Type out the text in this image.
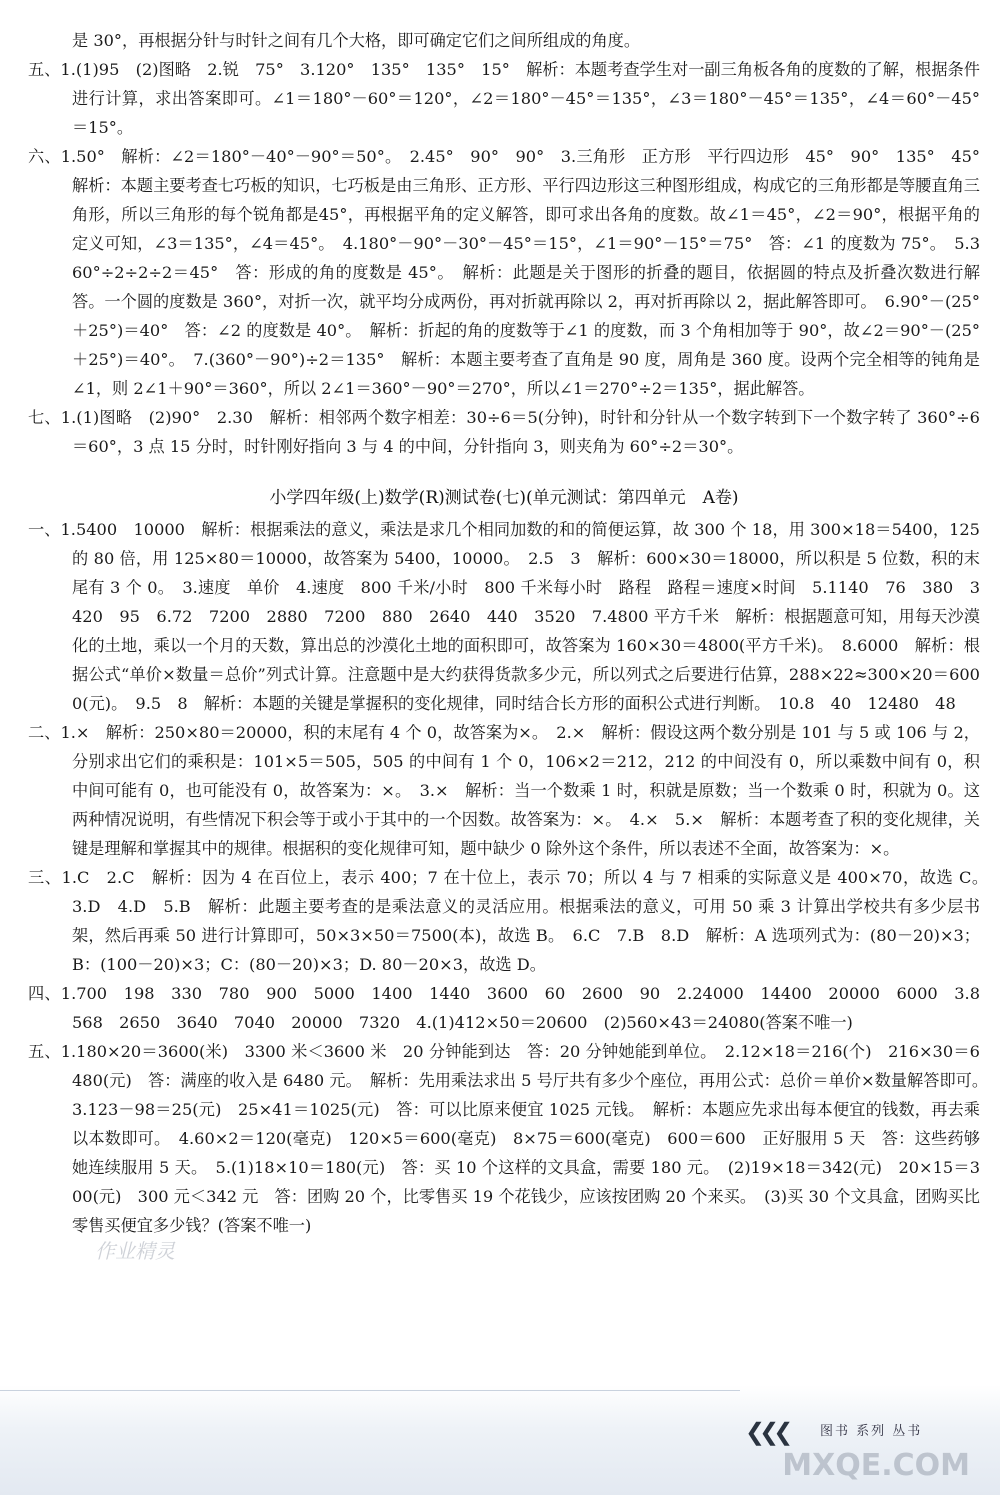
是 30°，再根据分针与时针之间有几个大格，即可确定它们之间所组成的角度。

五、1.(1)95　(2)图略　2.锐　75°　3.120°　135°　135°　15°　解析：本题考查学生对一副三角板各角的度数的了解，根据条件进行计算，求出答案即可。∠1＝180°－60°＝120°，∠2＝180°－45°＝135°，∠3＝180°－45°＝135°，∠4＝60°－45°＝15°。

六、1.50°　解析：∠2＝180°－40°－90°＝50°。　2.45°　90°　90°　3.三角形　正方形　平行四边形　45°　90°　135°　45°　解析：本题主要考查七巧板的知识，七巧板是由三角形、正方形、平行四边形这三种图形组成，构成它的三角形都是等腰直角三角形，所以三角形的每个锐角都是45°，再根据平角的定义解答，即可求出各角的度数。故∠1＝45°，∠2＝90°，根据平角的定义可知，∠3＝135°，∠4＝45°。　4.180°－90°－30°－45°＝15°，∠1＝90°－15°＝75°　答：∠1 的度数为 75°。　5.360°÷2÷2÷2＝45°　答：形成的角的度数是 45°。　解析：此题是关于图形的折叠的题目，依据圆的特点及折叠次数进行解答。一个圆的度数是 360°，对折一次，就平均分成两份，再对折就再除以 2，再对折再除以 2，据此解答即可。　6.90°－(25°＋25°)＝40°　答：∠2 的度数是 40°。　解析：折起的角的度数等于∠1 的度数，而 3 个角相加等于 90°，故∠2＝90°－(25°＋25°)＝40°。　7.(360°－90°)÷2＝135°　解析：本题主要考查了直角是 90 度，周角是 360 度。设两个完全相等的钝角是∠1，则 2∠1＋90°＝360°，所以 2∠1＝360°－90°＝270°，所以∠1＝270°÷2＝135°，据此解答。

七、1.(1)图略　(2)90°　2.30　解析：相邻两个数字相差：30÷6＝5(分钟)，时针和分针从一个数字转到下一个数字转了 360°÷6＝60°，3 点 15 分时，时针刚好指向 3 与 4 的中间，分针指向 3，则夹角为 60°÷2＝30°。

小学四年级(上)数学(R)测试卷(七)(单元测试：第四单元　A卷)

一、1.5400　10000　解析：根据乘法的意义，乘法是求几个相同加数的和的简便运算，故 300 个 18，用 300×18＝5400，125 的 80 倍，用 125×80＝10000，故答案为 5400，10000。　2.5　3　解析：600×30＝18000，所以积是 5 位数，积的末尾有 3 个 0。　3.速度　单价　4.速度　800 千米/小时　800 千米每小时　路程　路程＝速度×时间　5.1140　76　380　3420　95　6.72　7200　2880　7200　880　2640　440　3520　7.4800 平方千米　解析：根据题意可知，用每天沙漠化的土地，乘以一个月的天数，算出总的沙漠化土地的面积即可，故答案为 160×30＝4800(平方千米)。　8.6000　解析：根据公式“单价×数量＝总价”列式计算。注意题中是大约获得货款多少元，所以列式之后要进行估算，288×22≈300×20＝6000(元)。　9.5　8　解析：本题的关键是掌握积的变化规律，同时结合长方形的面积公式进行判断。　10.8　40　12480　48

二、1.×　解析：250×80＝20000，积的末尾有 4 个 0，故答案为×。　2.×　解析：假设这两个数分别是 101 与 5 或 106 与 2，分别求出它们的乘积是：101×5＝505，505 的中间有 1 个 0，106×2＝212，212 的中间没有 0，所以乘数中间有 0，积中间可能有 0，也可能没有 0，故答案为：×。　3.×　解析：当一个数乘 1 时，积就是原数；当一个数乘 0 时，积就为 0。这两种情况说明，有些情况下积会等于或小于其中的一个因数。故答案为：×。　4.×　5.×　解析：本题考查了积的变化规律，关键是理解和掌握其中的规律。根据积的变化规律可知，题中缺少 0 除外这个条件，所以表述不全面，故答案为：×。

三、1.C　2.C　解析：因为 4 在百位上，表示 400；7 在十位上，表示 70；所以 4 与 7 相乘的实际意义是 400×70，故选 C。　3.D　4.D　5.B　解析：此题主要考查的是乘法意义的灵活应用。根据乘法的意义，可用 50 乘 3 计算出学校共有多少层书架，然后再乘 50 进行计算即可，50×3×50＝7500(本)，故选 B。　6.C　7.B　8.D　解析：A 选项列式为：(80－20)×3；B：(100－20)×3；C：(80－20)×3；D. 80－20×3，故选 D。

四、1.700　198　330　780　900　5000　1400　1440　3600　60　2600　90　2.24000　14400　20000　6000　3.8568　2650　3640　7040　20000　7320　4.(1)412×50＝20600　(2)560×43＝24080(答案不唯一)

五、1.180×20＝3600(米)　3300 米＜3600 米　20 分钟能到达　答：20 分钟她能到单位。　2.12×18＝216(个)　216×30＝6480(元)　答：满座的收入是 6480 元。　解析：先用乘法求出 5 号厅共有多少个座位，再用公式：总价＝单价×数量解答即可。　3.123－98＝25(元)　25×41＝1025(元)　答：可以比原来便宜 1025 元钱。　解析：本题应先求出每本便宜的钱数，再去乘以本数即可。　4.60×2＝120(毫克)　120×5＝600(毫克)　8×75＝600(毫克)　600＝600　正好服用 5 天　答：这些药够她连续服用 5 天。　5.(1)18×10＝180(元)　答：买 10 个这样的文具盒，需要 180 元。　(2)19×18＝342(元)　20×15＝300(元)　300 元＜342 元　答：团购 20 个，比零售买 19 个花钱少，应该按团购 20 个来买。　(3)买 30 个文具盒，团购买比零售买便宜多少钱？(答案不唯一)

❮❮❮	图书 系列 丛书
作业精灵
MXQE.COM
